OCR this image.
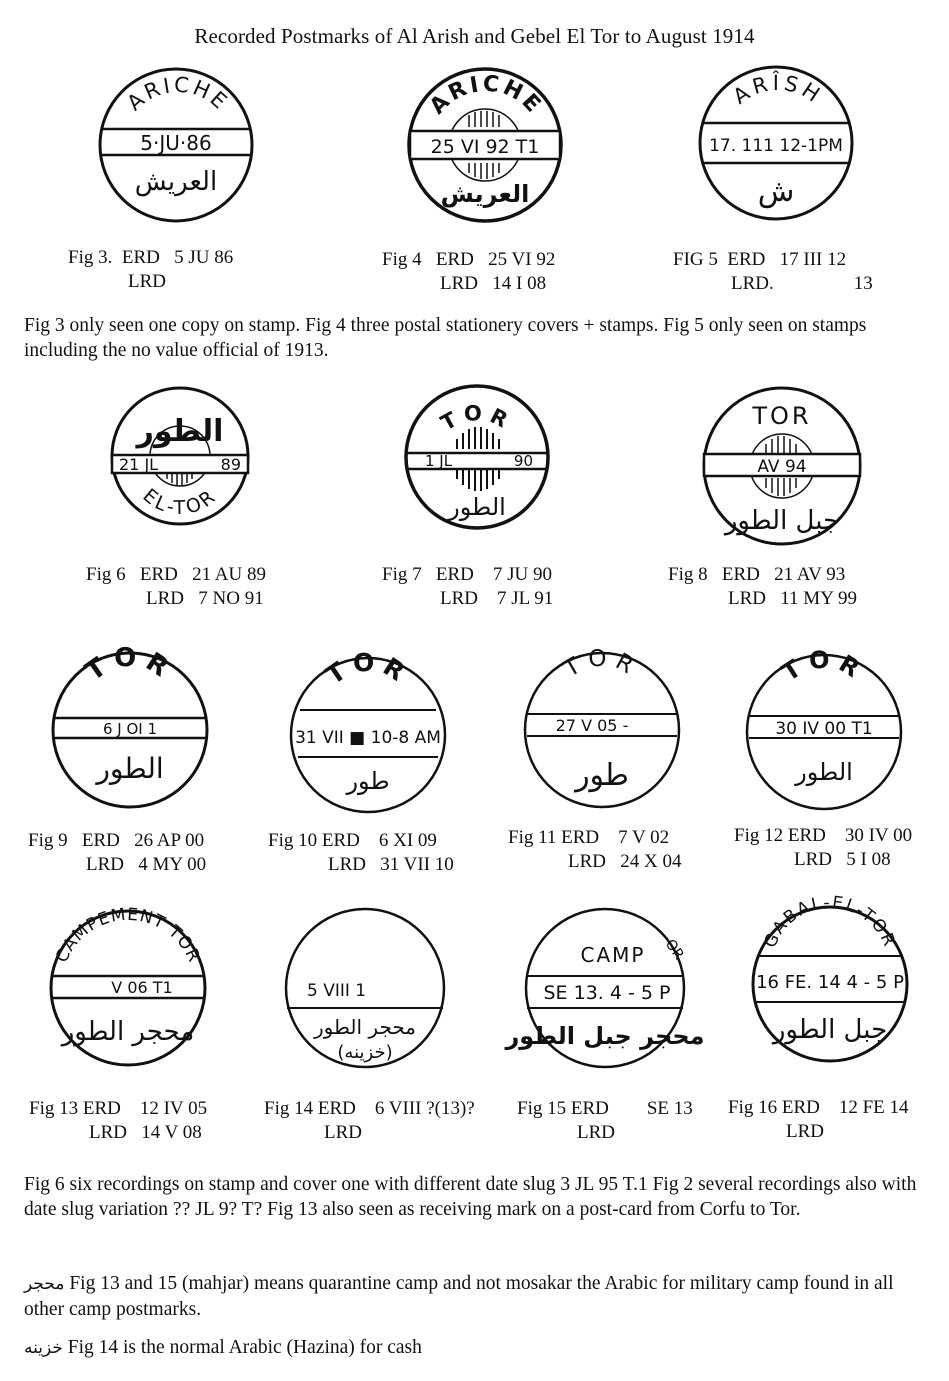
Recorded Postmarks of Al Arish and Gebel El Tor to August 1914
ARICHE
5·JU·86
العريش
ARICHE
25 VI 92 T1
العريش
ARÎSH
17. 111 12-1PM
ش
Fig 3. ERD 5 JU 86
LRD
Fig 4 ERD 25 VI 92
LRD 14 I 08
FIG 5 ERD 17 III 12
LRD.	13
Fig 3 only seen one copy on stamp. Fig 4 three postal stationery covers + stamps. Fig 5 only seen on stamps including the no value official of 1913.
الطور
21 JL	89
EL-TOR
TOR
1 JL	90
الطور
TOR
AV 94
جبل الطور
Fig 6 ERD 21 AU 89
LRD 7 NO 91
Fig 7 ERD 7 JU 90
LRD 7 JL 91
Fig 8 ERD 21 AV 93
LRD 11 MY 99
TOR
6 J OI 1
الطور
TOR
31 VII ■ 10-8 AM
طور
TOR
27 V 05 -
طور
TOR
30 IV 00 T1
الطور
Fig 9 ERD 26 AP 00
LRD 4 MY 00
Fig 10 ERD 6 XI 09
LRD 31 VII 10
Fig 11 ERD 7 V 02
LRD 24 X 04
Fig 12 ERD 30 IV 00
LRD 5 I 08
CAMPEMENT TOR
V 06 T1
محجر الطور
5 VIII 1
محجر الطور
(خزينه)
CAMP OR
SE 13. 4 - 5 P
محجر جبل الطور
GABAL-EL-TOR
16 FE. 14 4 - 5 P
جبل الطور
Fig 13 ERD 12 IV 05
LRD 14 V 08
Fig 14 ERD 6 VIII ?(13)?
LRD
Fig 15 ERD SE 13
LRD
Fig 16 ERD 12 FE 14
LRD
Fig 6 six recordings on stamp and cover one with different date slug 3 JL 95 T.1 Fig 2 several recordings also with date slug variation ?? JL 9? T? Fig 13 also seen as receiving mark on a post-card from Corfu to Tor.
محجر Fig 13 and 15 (mahjar) means quarantine camp and not mosakar the Arabic for military camp found in all other camp postmarks.
خزينه Fig 14 is the normal Arabic (Hazina) for cash
